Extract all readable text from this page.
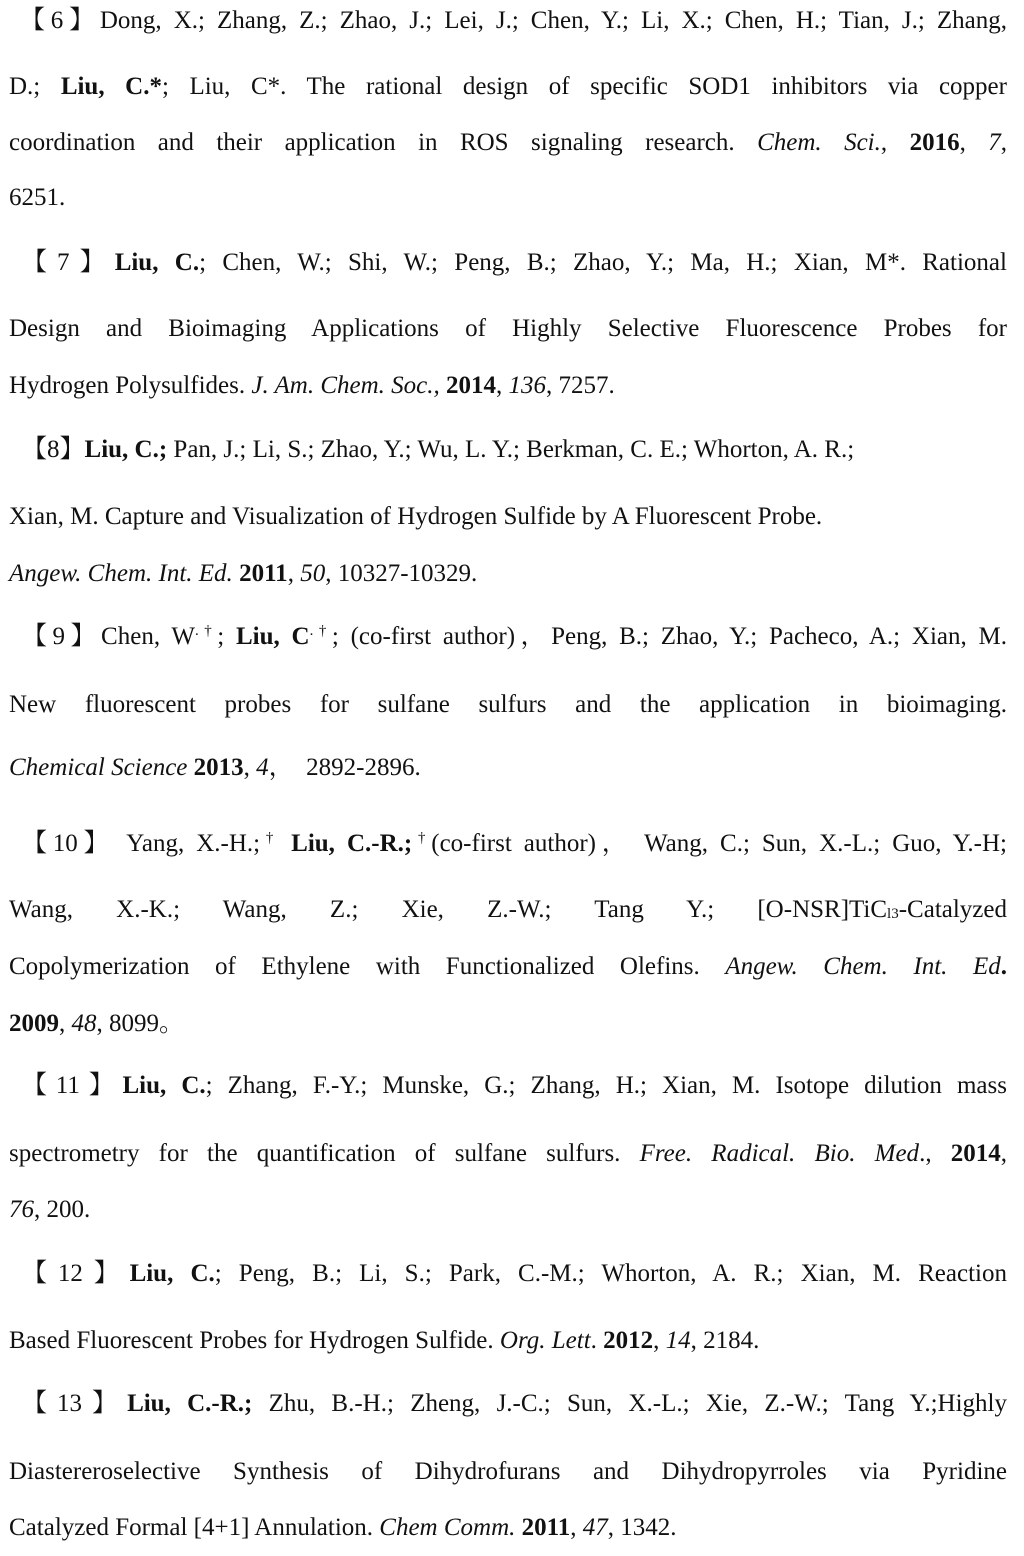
【6】Dong, X.; Zhang, Z.; Zhao, J.; Lei, J.; Chen, Y.; Li, X.; Chen, H.; Tian, J.; Zhang,
D.; Liu, C.*; Liu, C*. The rational design of specific SOD1 inhibitors via copper
coordination and their application in ROS signaling research. Chem. Sci., 2016, 7,
6251.
【7】Liu, C.; Chen, W.; Shi, W.; Peng, B.; Zhao, Y.; Ma, H.; Xian, M*. Rational
Design and Bioimaging Applications of Highly Selective Fluorescence Probes for
Hydrogen Polysulfides. J. Am. Chem. Soc., 2014, 136, 7257.
【8】Liu, C.; Pan, J.; Li, S.; Zhao, Y.; Wu, L. Y.; Berkman, C. E.; Whorton, A. R.;
Xian, M. Capture and Visualization of Hydrogen Sulfide by A Fluorescent Probe.
Angew. Chem. Int. Ed. 2011, 50, 10327-10329.
【9】Chen, W.†; Liu, C.†; (co-first author)，Peng, B.; Zhao, Y.; Pacheco, A.; Xian, M.
New fluorescent probes for sulfane sulfurs and the application in bioimaging.
Chemical Science 2013, 4，  2892-2896.
【10】 Yang, X.-H.;† Liu, C.-R.;†(co-first author)， Wang, C.; Sun, X.-L.; Guo, Y.-H;
Wang, X.-K.; Wang, Z.; Xie, Z.-W.; Tang Y.; [O-NSR]TiC$_{l3}$-Catalyzed
Copolymerization of Ethylene with Functionalized Olefins. Angew. Chem. Int. Ed.
2009, 48, 8099。
【11】Liu, C.; Zhang, F.-Y.; Munske, G.; Zhang, H.; Xian, M. Isotope dilution mass
spectrometry for the quantification of sulfane sulfurs. Free. Radical. Bio. Med., 2014,
76, 200.
【12】Liu, C.; Peng, B.; Li, S.; Park, C.-M.; Whorton, A. R.; Xian, M. Reaction
Based Fluorescent Probes for Hydrogen Sulfide. Org. Lett. 2012, 14, 2184.
【13】Liu, C.-R.; Zhu, B.-H.; Zheng, J.-C.; Sun, X.-L.; Xie, Z.-W.; Tang Y.;Highly
Diastereroselective Synthesis of Dihydrofurans and Dihydropyrroles via Pyridine
Catalyzed Formal [4+1] Annulation. Chem Comm. 2011, 47, 1342.
